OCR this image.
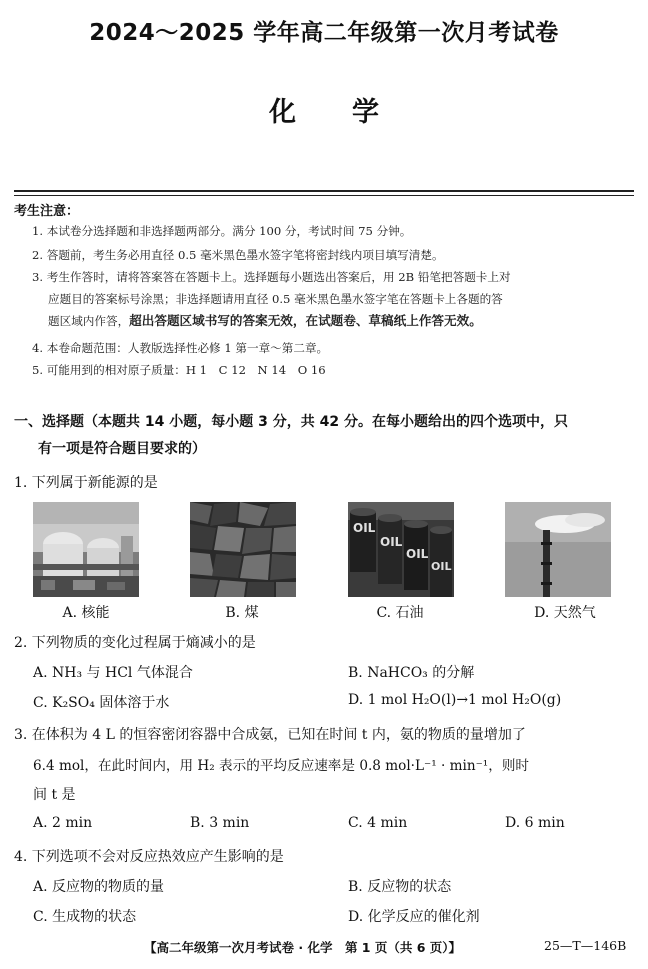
2024～2025 学年高二年级第一次月考试卷
化 学
考生注意：
1. 本试卷分选择题和非选择题两部分。满分 100 分，考试时间 75 分钟。
2. 答题前，考生务必用直径 0.5 毫米黑色墨水签字笔将密封线内项目填写清楚。
3. 考生作答时，请将答案答在答题卡上。选择题每小题选出答案后，用 2B 铅笔把答题卡上对
应题目的答案标号涂黑；非选择题请用直径 0.5 毫米黑色墨水签字笔在答题卡上各题的答
题区域内作答，超出答题区域书写的答案无效，在试题卷、草稿纸上作答无效。
4. 本卷命题范围：人教版选择性必修 1 第一章～第二章。
5. 可能用到的相对原子质量：H 1　C 12　N 14　O 16
一、选择题（本题共 14 小题，每小题 3 分，共 42 分。在每小题给出的四个选项中，只
有一项是符合题目要求的）
1. 下列属于新能源的是
OIL
OIL
OIL
OIL
A. 核能	B. 煤	C. 石油	D. 天然气
2. 下列物质的变化过程属于熵减小的是
A. NH₃ 与 HCl 气体混合	B. NaHCO₃ 的分解
C. K₂SO₄ 固体溶于水	D. 1 mol H₂O(l)→1 mol H₂O(g)
3. 在体积为 4 L 的恒容密闭容器中合成氨，已知在时间 t 内，氨的物质的量增加了
6.4 mol，在此时间内，用 H₂ 表示的平均反应速率是 0.8 mol·L⁻¹ · min⁻¹，则时
间 t 是
A. 2 min	B. 3 min	C. 4 min	D. 6 min
4. 下列选项不会对反应热效应产生影响的是
A. 反应物的物质的量	B. 反应物的状态
C. 生成物的状态	D. 化学反应的催化剂
【高二年级第一次月考试卷 · 化学　第 1 页（共 6 页）】	25—T—146B
